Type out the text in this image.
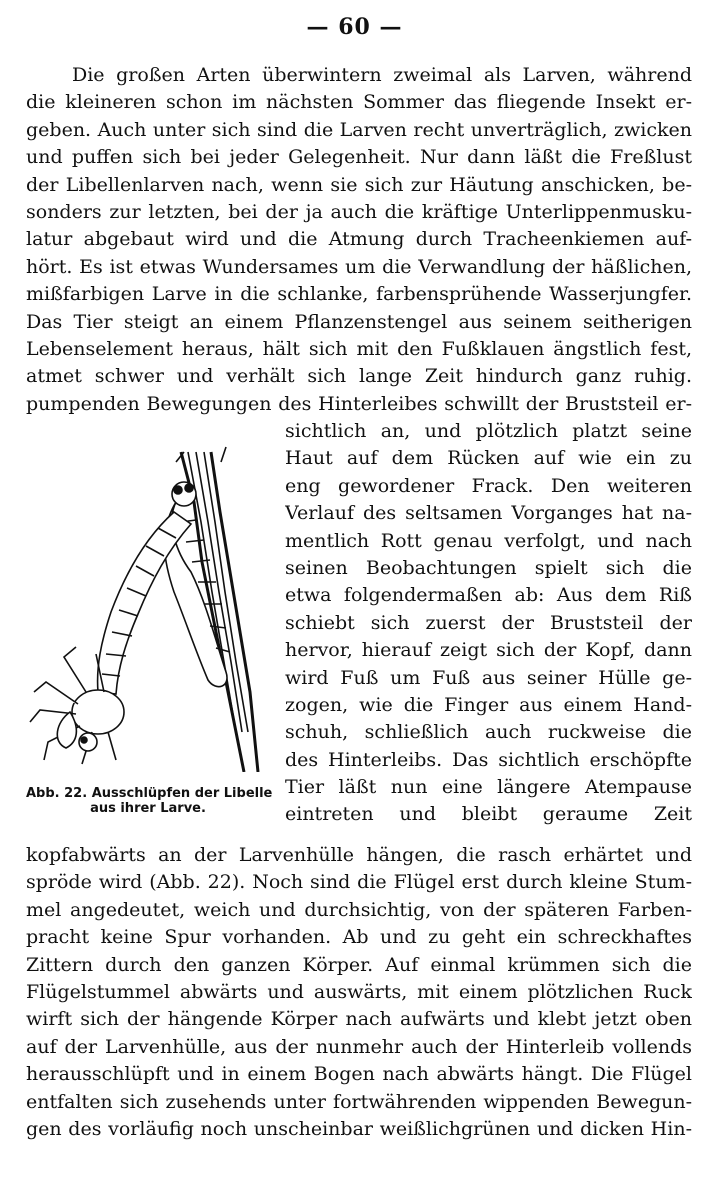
— 60 —
Die großen Arten überwintern zweimal als Larven, während
die kleineren schon im nächsten Sommer das fliegende Insekt er-
geben. Auch unter sich sind die Larven recht unverträglich, zwicken
und puffen sich bei jeder Gelegenheit. Nur dann läßt die Freßlust
der Libellenlarven nach, wenn sie sich zur Häutung anschicken, be-
sonders zur letzten, bei der ja auch die kräftige Unterlippenmusku-
latur abgebaut wird und die Atmung durch Tracheenkiemen auf-
hört. Es ist etwas Wundersames um die Verwandlung der häßlichen,
mißfarbigen Larve in die schlanke, farbensprühende Wasserjungfer.
Das Tier steigt an einem Pflanzenstengel aus seinem seitherigen
Lebenselement heraus, hält sich mit den Fußklauen ängstlich fest,
atmet schwer und verhält sich lange Zeit hindurch ganz ruhig.
pumpenden Bewegungen des Hinterleibes schwillt der Bruststeil er-
Abb. 22. Ausschlüpfen der Libelle
aus ihrer Larve.
sichtlich an, und plötzlich platzt seine
Haut auf dem Rücken auf wie ein zu
eng gewordener Frack. Den weiteren
Verlauf des seltsamen Vorganges hat na-
mentlich Rott genau verfolgt, und nach
seinen Beobachtungen spielt sich die
etwa folgendermaßen ab: Aus dem Riß
schiebt sich zuerst der Bruststeil der
hervor, hierauf zeigt sich der Kopf, dann
wird Fuß um Fuß aus seiner Hülle ge-
zogen, wie die Finger aus einem Hand-
schuh, schließlich auch ruckweise die
des Hinterleibs. Das sichtlich erschöpfte
Tier läßt nun eine längere Atempause
eintreten und bleibt geraume Zeit
kopfabwärts an der Larvenhülle hängen, die rasch erhärtet und
spröde wird (Abb. 22). Noch sind die Flügel erst durch kleine Stum-
mel angedeutet, weich und durchsichtig, von der späteren Farben-
pracht keine Spur vorhanden. Ab und zu geht ein schreckhaftes
Zittern durch den ganzen Körper. Auf einmal krümmen sich die
Flügelstummel abwärts und auswärts, mit einem plötzlichen Ruck
wirft sich der hängende Körper nach aufwärts und klebt jetzt oben
auf der Larvenhülle, aus der nunmehr auch der Hinterleib vollends
herausschlüpft und in einem Bogen nach abwärts hängt. Die Flügel
entfalten sich zusehends unter fortwährenden wippenden Bewegun-
gen des vorläufig noch unscheinbar weißlichgrünen und dicken Hin-
